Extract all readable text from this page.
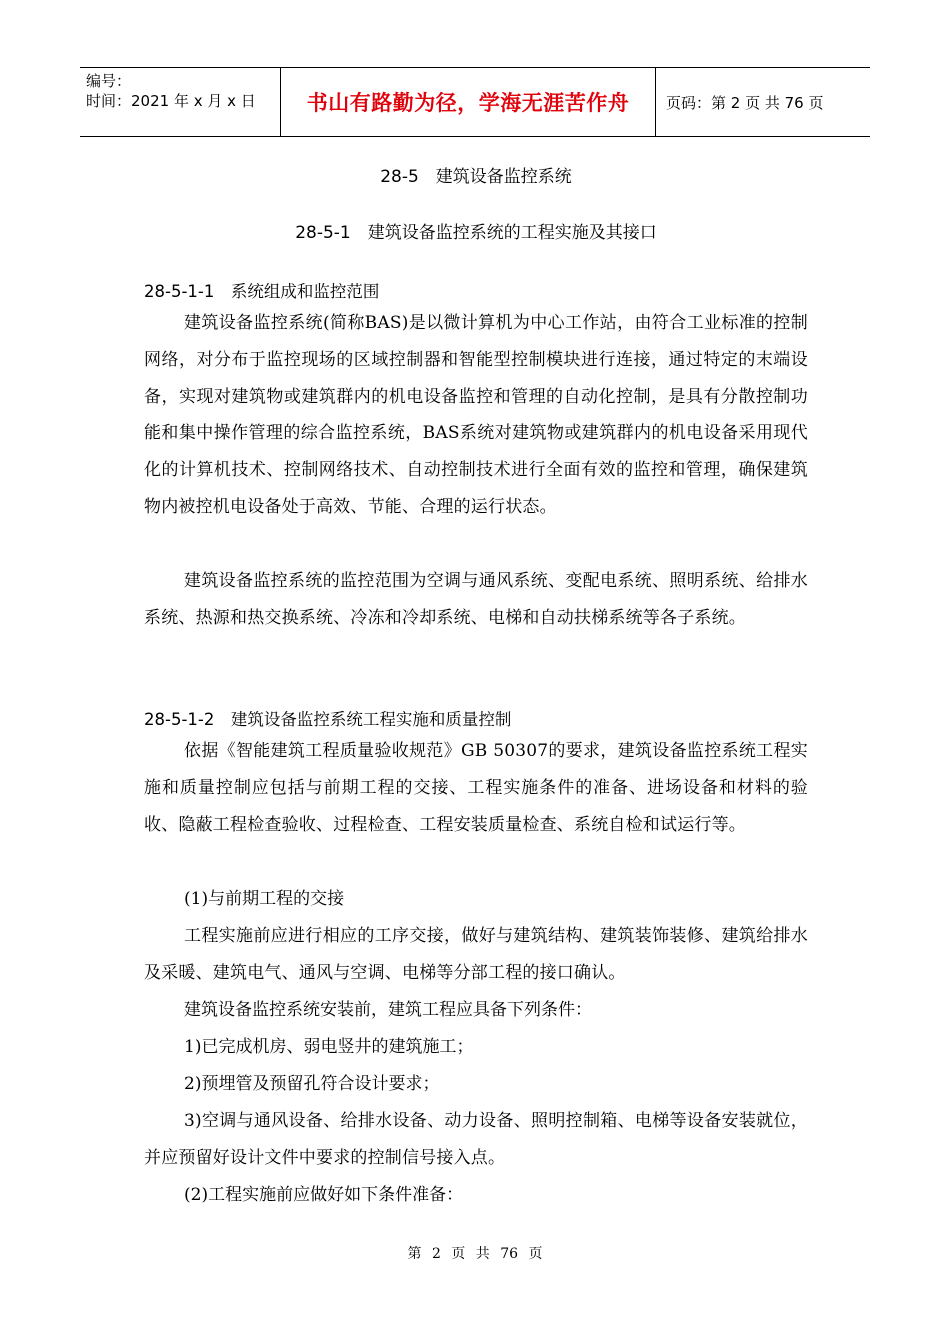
编号：
时间：2021 年 x 月 x 日	书山有路勤为径，学海无涯苦作舟	页码：第 2 页 共 76 页
28-5　建筑设备监控系统
28-5-1　建筑设备监控系统的工程实施及其接口
28-5-1-1　系统组成和监控范围
建筑设备监控系统(简称BAS)是以微计算机为中心工作站，由符合工业标准的控制网络，对分布于监控现场的区域控制器和智能型控制模块进行连接，通过特定的末端设备，实现对建筑物或建筑群内的机电设备监控和管理的自动化控制，是具有分散控制功能和集中操作管理的综合监控系统，BAS系统对建筑物或建筑群内的机电设备采用现代化的计算机技术、控制网络技术、自动控制技术进行全面有效的监控和管理，确保建筑物内被控机电设备处于高效、节能、合理的运行状态。
建筑设备监控系统的监控范围为空调与通风系统、变配电系统、照明系统、给排水系统、热源和热交换系统、冷冻和冷却系统、电梯和自动扶梯系统等各子系统。
28-5-1-2　建筑设备监控系统工程实施和质量控制
依据《智能建筑工程质量验收规范》GB 50307的要求，建筑设备监控系统工程实施和质量控制应包括与前期工程的交接、工程实施条件的准备、进场设备和材料的验收、隐蔽工程检查验收、过程检查、工程安装质量检查、系统自检和试运行等。
(1)与前期工程的交接
工程实施前应进行相应的工序交接，做好与建筑结构、建筑装饰装修、建筑给排水及采暖、建筑电气、通风与空调、电梯等分部工程的接口确认。
建筑设备监控系统安装前，建筑工程应具备下列条件：
1)已完成机房、弱电竖井的建筑施工；
2)预埋管及预留孔符合设计要求；
3)空调与通风设备、给排水设备、动力设备、照明控制箱、电梯等设备安装就位，并应预留好设计文件中要求的控制信号接入点。
(2)工程实施前应做好如下条件准备：
第 2 页 共 76 页
